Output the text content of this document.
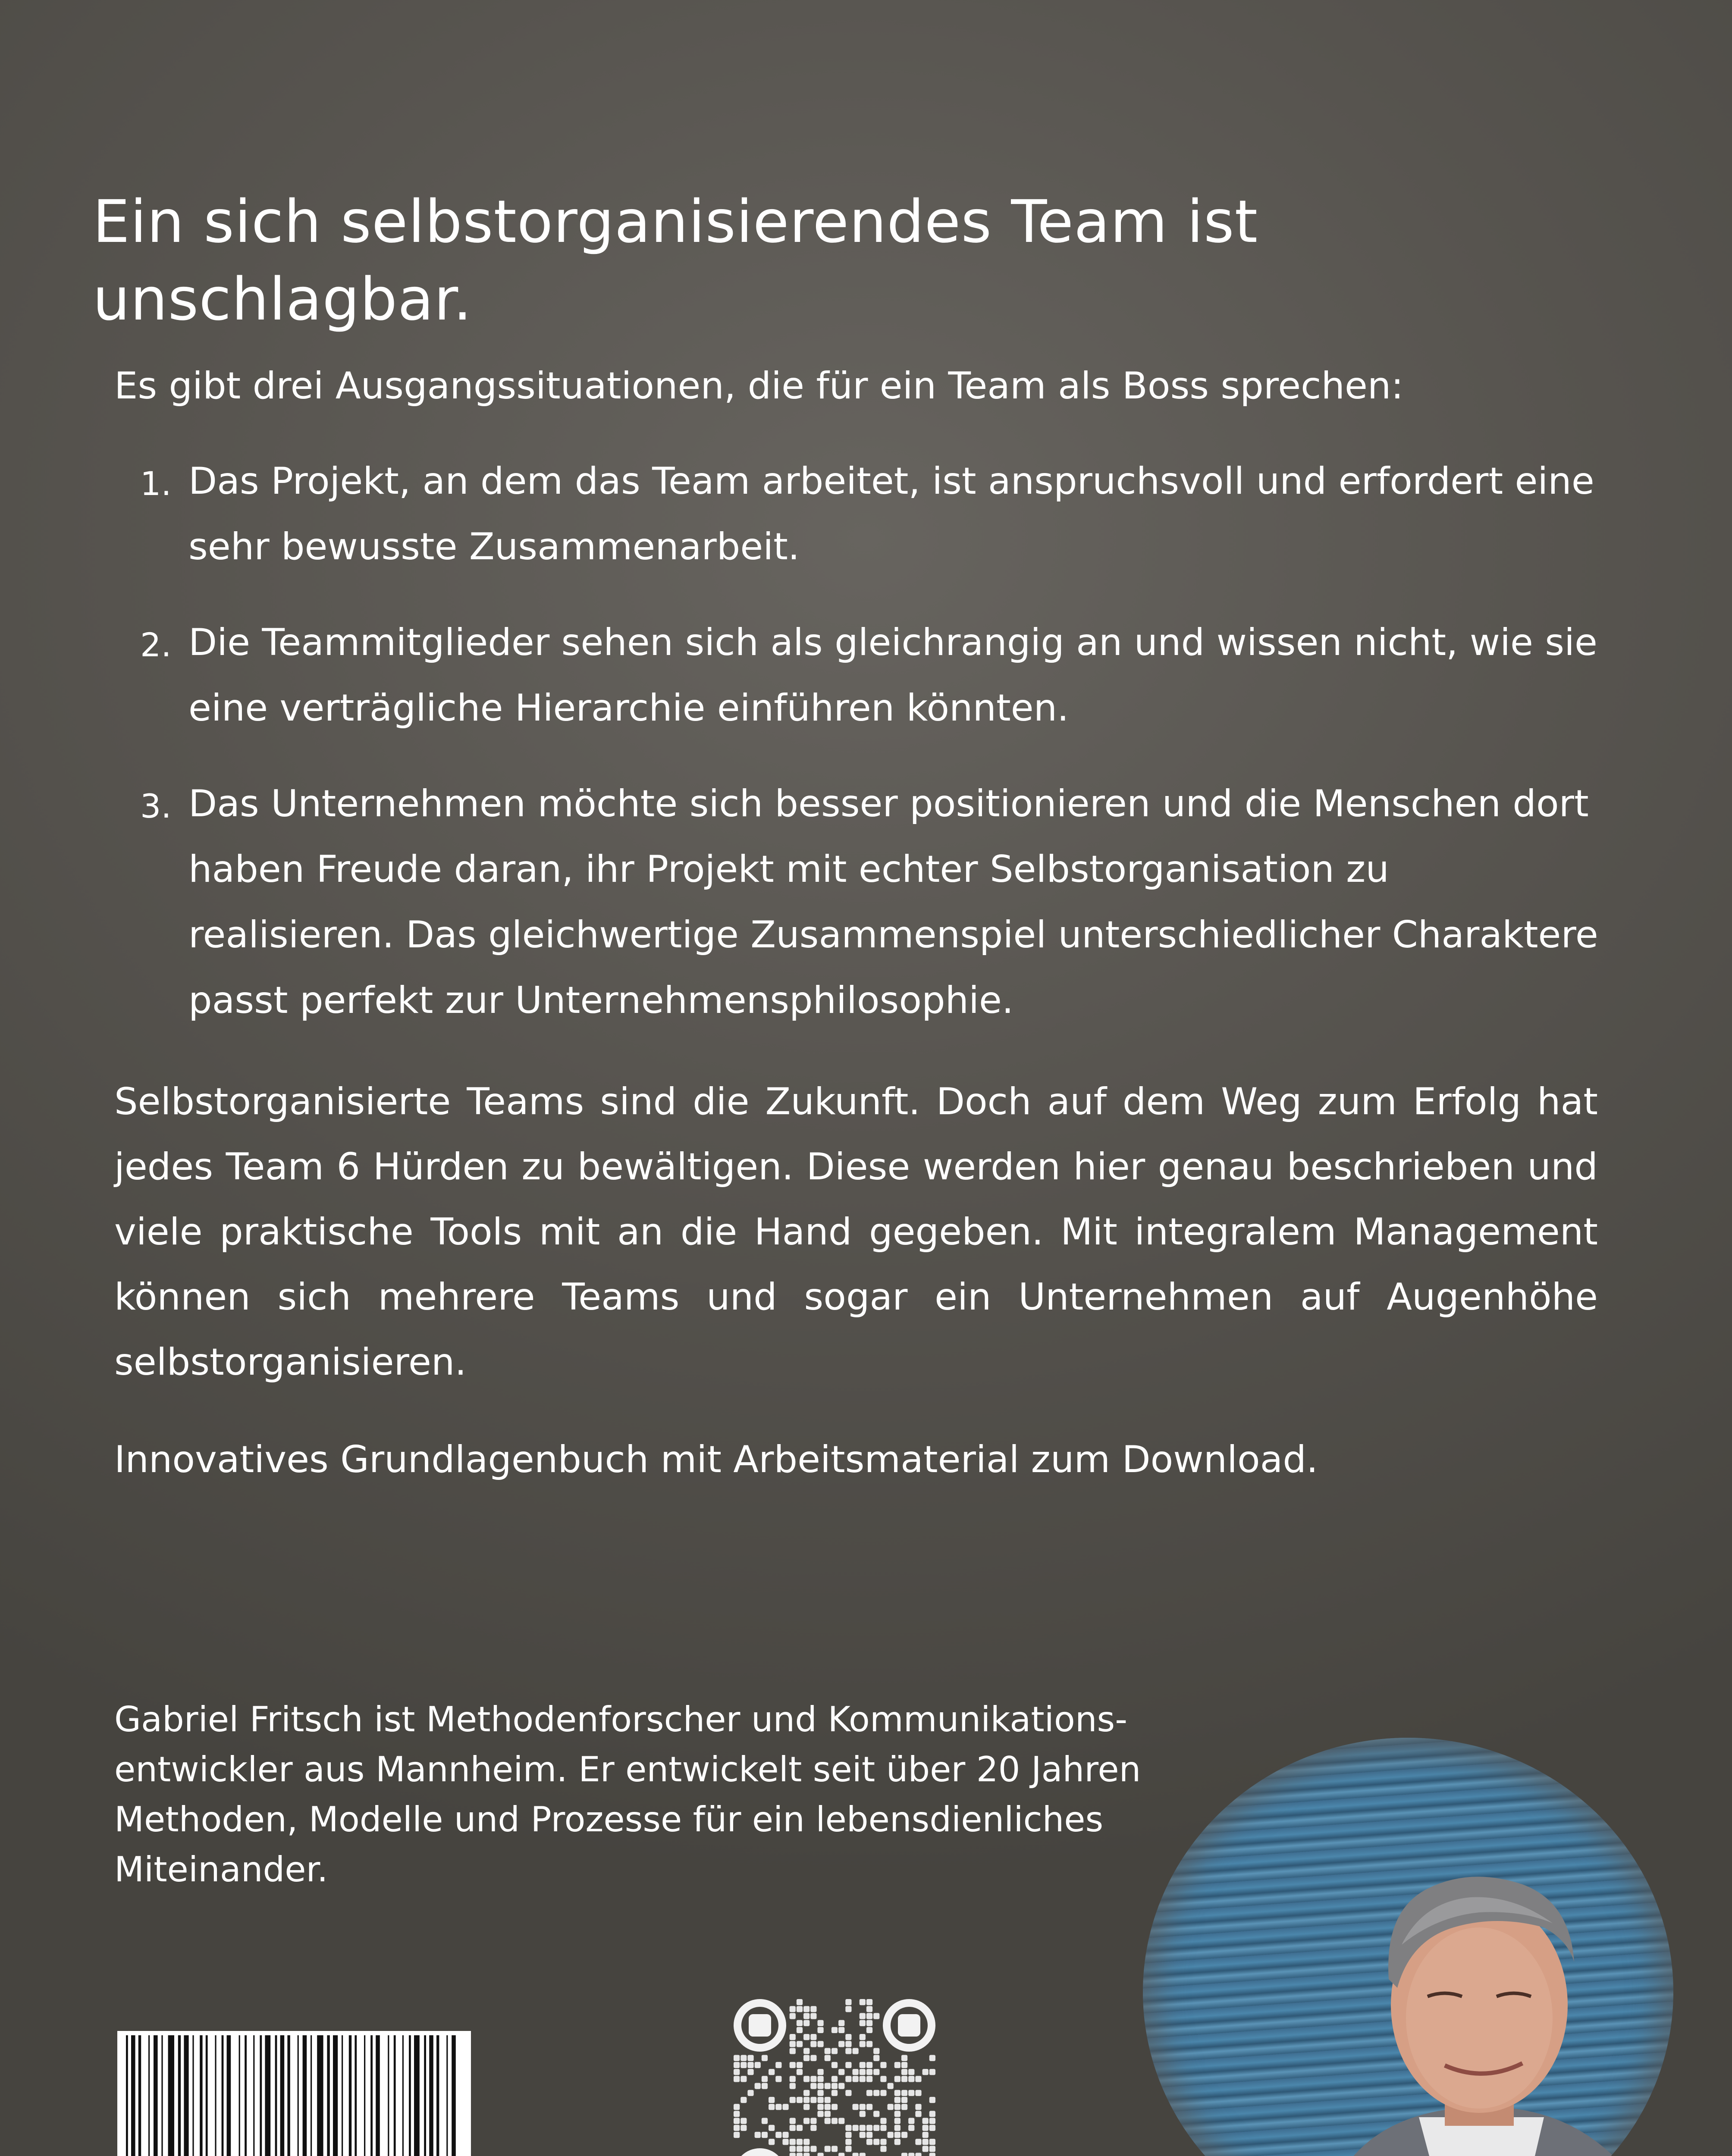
Ein sich selbstorganisierendes Team ist unschlagbar.

Es gibt drei Ausgangssituationen, die für ein Team als Boss sprechen:

1. Das Projekt, an dem das Team arbeitet, ist anspruchsvoll und erfordert eine sehr bewusste Zusammenarbeit.
2. Die Teammitglieder sehen sich als gleichrangig an und wissen nicht, wie sie eine verträgliche Hierarchie einführen könnten.
3. Das Unternehmen möchte sich besser positionieren und die Menschen dort haben Freude daran, ihr Projekt mit echter Selbstorganisation zu realisieren. Das gleichwertige Zusammenspiel unterschiedlicher Charaktere passt perfekt zur Unternehmensphilosophie.

Selbstorganisierte Teams sind die Zukunft. Doch auf dem Weg zum Erfolg hat jedes Team 6 Hürden zu bewältigen. Diese werden hier genau beschrieben und viele praktische Tools mit an die Hand gegeben. Mit integralem Management können sich mehrere Teams und sogar ein Unternehmen auf Augenhöhe selbstorganisieren.

Innovatives Grundlagenbuch mit Arbeitsmaterial zum Download.

Gabriel Fritsch ist Methodenforscher und Kommunikations-entwickler aus Mannheim. Er entwickelt seit über 20 Jahren Methoden, Modelle und Prozesse für ein lebensdienliches Miteinander.
